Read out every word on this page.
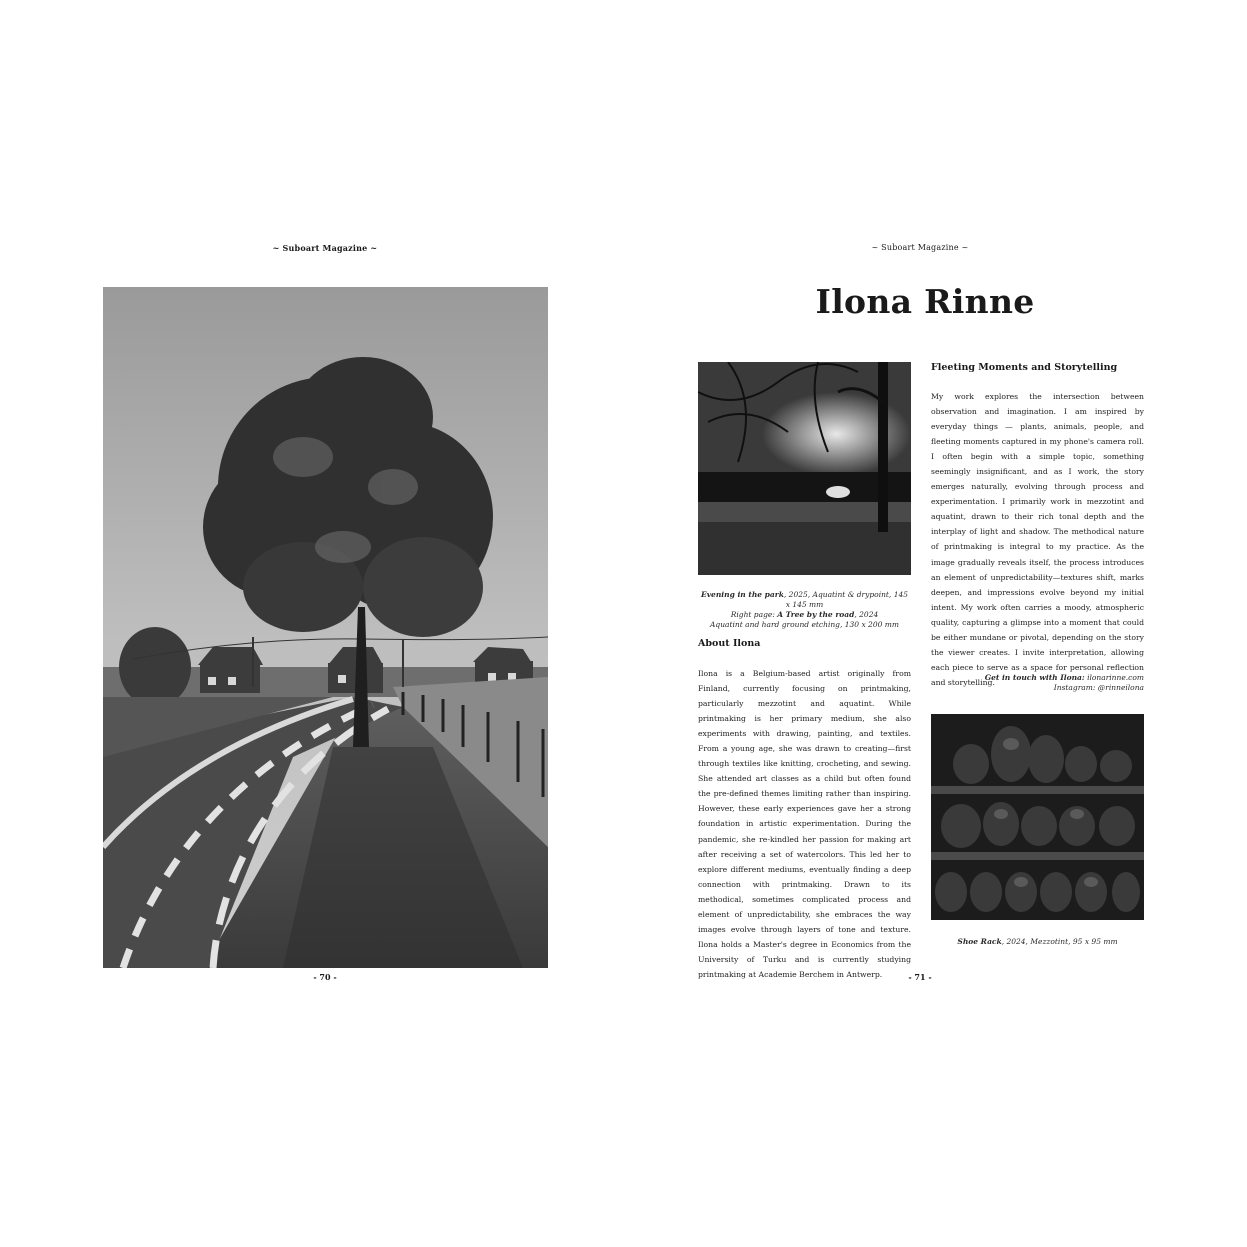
~ Suboart Magazine ~
- 70 -
~ Suboart Magazine ~
Ilona Rinne
Evening in the park, 2025, Aquatint & drypoint, 145 x 145 mm
Right page: A Tree by the road, 2024
Aquatint and hard ground etching, 130 x 200 mm
About Ilona
Ilona is a Belgium-based artist originally from Finland, currently focusing on printmaking, particularly mezzotint and aquatint. While printmaking is her primary medium, she also experiments with drawing, painting, and textiles. From a young age, she was drawn to creating—first through textiles like knitting, crocheting, and sewing. She attended art classes as a child but often found the pre-defined themes limiting rather than inspiring. However, these early experiences gave her a strong foundation in artistic experimentation. During the pandemic, she re-kindled her passion for making art after receiving a set of watercolors. This led her to explore different mediums, eventually finding a deep connection with printmaking. Drawn to its methodical, sometimes complicated process and element of unpredictability, she embraces the way images evolve through layers of tone and texture. Ilona holds a Master's degree in Economics from the University of Turku and is currently studying printmaking at Academie Berchem in Antwerp.
Fleeting Moments and Storytelling
My work explores the intersection between observation and imagination. I am inspired by everyday things — plants, animals, people, and fleeting moments captured in my phone's camera roll. I often begin with a simple topic, something seemingly insignificant, and as I work, the story emerges naturally, evolving through process and experimentation. I primarily work in mezzotint and aquatint, drawn to their rich tonal depth and the interplay of light and shadow. The methodical nature of printmaking is integral to my practice. As the image gradually reveals itself, the process introduces an element of unpredictability—textures shift, marks deepen, and impressions evolve beyond my initial intent. My work often carries a moody, atmospheric quality, capturing a glimpse into a moment that could be either mundane or pivotal, depending on the story the viewer creates. I invite interpretation, allowing each piece to serve as a space for personal reflection and storytelling.
Get in touch with Ilona: ilonarinne.com
Instagram: @rinneilona
Shoe Rack, 2024, Mezzotint, 95 x 95 mm
- 71 -
